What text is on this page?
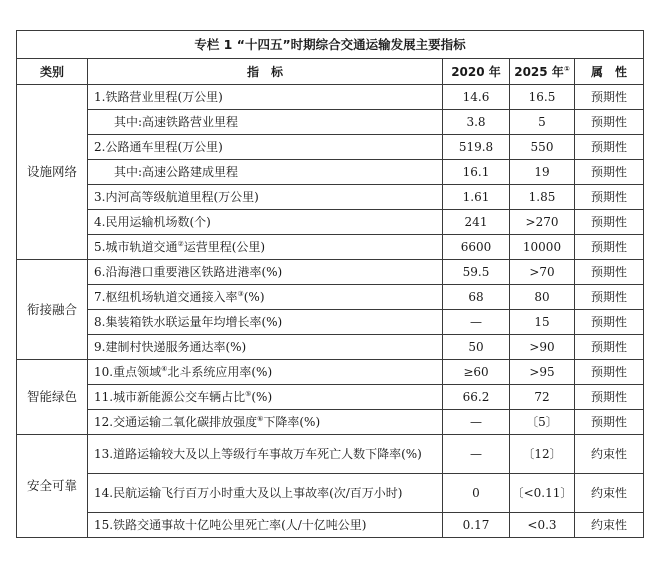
专栏 1 “十四五”时期综合交通运输发展主要指标				
类别	指　标	2020 年	2025 年①	属　性
设施网络	1.铁路营业里程(万公里)	14.6	16.5	预期性
	其中:高速铁路营业里程	3.8	5	预期性
	2.公路通车里程(万公里)	519.8	550	预期性
	其中:高速公路建成里程	16.1	19	预期性
	3.内河高等级航道里程(万公里)	1.61	1.85	预期性
	4.民用运输机场数(个)	241	>270	预期性
	5.城市轨道交通②运营里程(公里)	6600	10000	预期性
衔接融合	6.沿海港口重要港区铁路进港率(%)	59.5	>70	预期性
	7.枢纽机场轨道交通接入率③(%)	68	80	预期性
	8.集装箱铁水联运量年均增长率(%)	—	15	预期性
	9.建制村快递服务通达率(%)	50	>90	预期性
智能绿色	10.重点领域④北斗系统应用率(%)	≥60	>95	预期性
	11.城市新能源公交车辆占比⑤(%)	66.2	72	预期性
	12.交通运输二氧化碳排放强度⑥下降率(%)	—	〔5〕	预期性
安全可靠	13.道路运输较大及以上等级行车事故万车死亡人数下降率(%)	—	〔12〕	约束性
	14.民航运输飞行百万小时重大及以上事故率(次/百万小时)	0	〔<0.11〕	约束性
	15.铁路交通事故十亿吨公里死亡率(人/十亿吨公里)	0.17	<0.3	约束性
